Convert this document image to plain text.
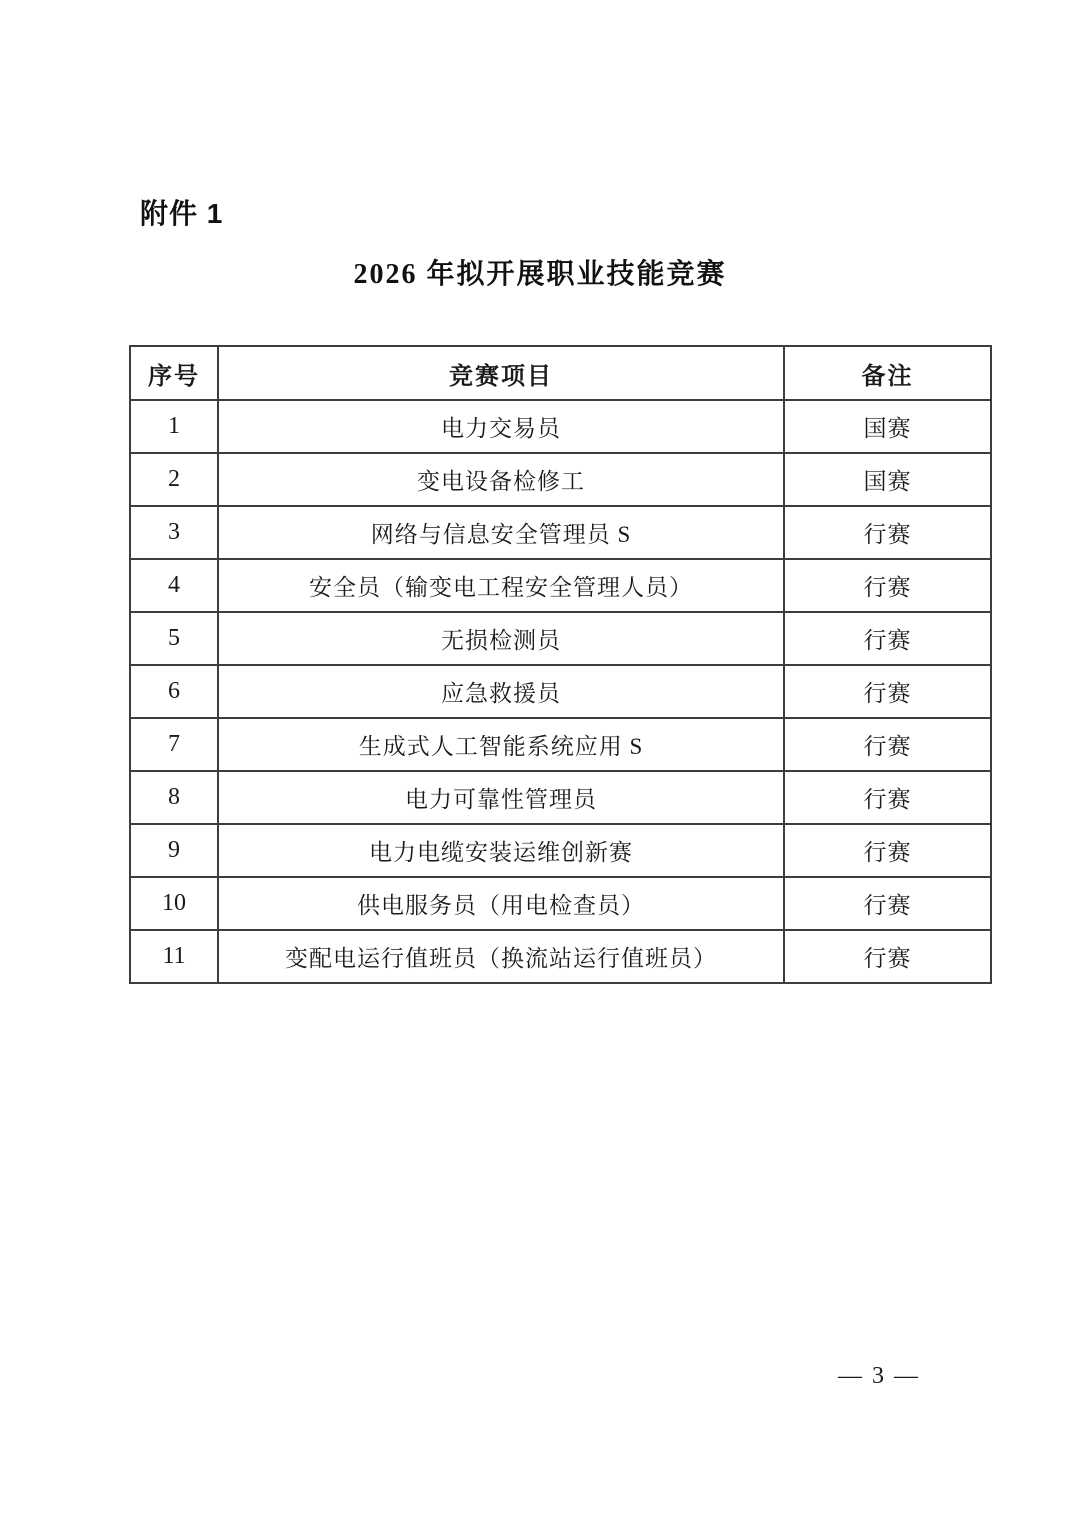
附件 1
2026 年拟开展职业技能竞赛
序号	竞赛项目	备注
1	电力交易员	国赛
2	变电设备检修工	国赛
3	网络与信息安全管理员 S	行赛
4	安全员（输变电工程安全管理人员）	行赛
5	无损检测员	行赛
6	应急救援员	行赛
7	生成式人工智能系统应用 S	行赛
8	电力可靠性管理员	行赛
9	电力电缆安装运维创新赛	行赛
10	供电服务员（用电检查员）	行赛
11	变配电运行值班员（换流站运行值班员）	行赛
— 3 —
